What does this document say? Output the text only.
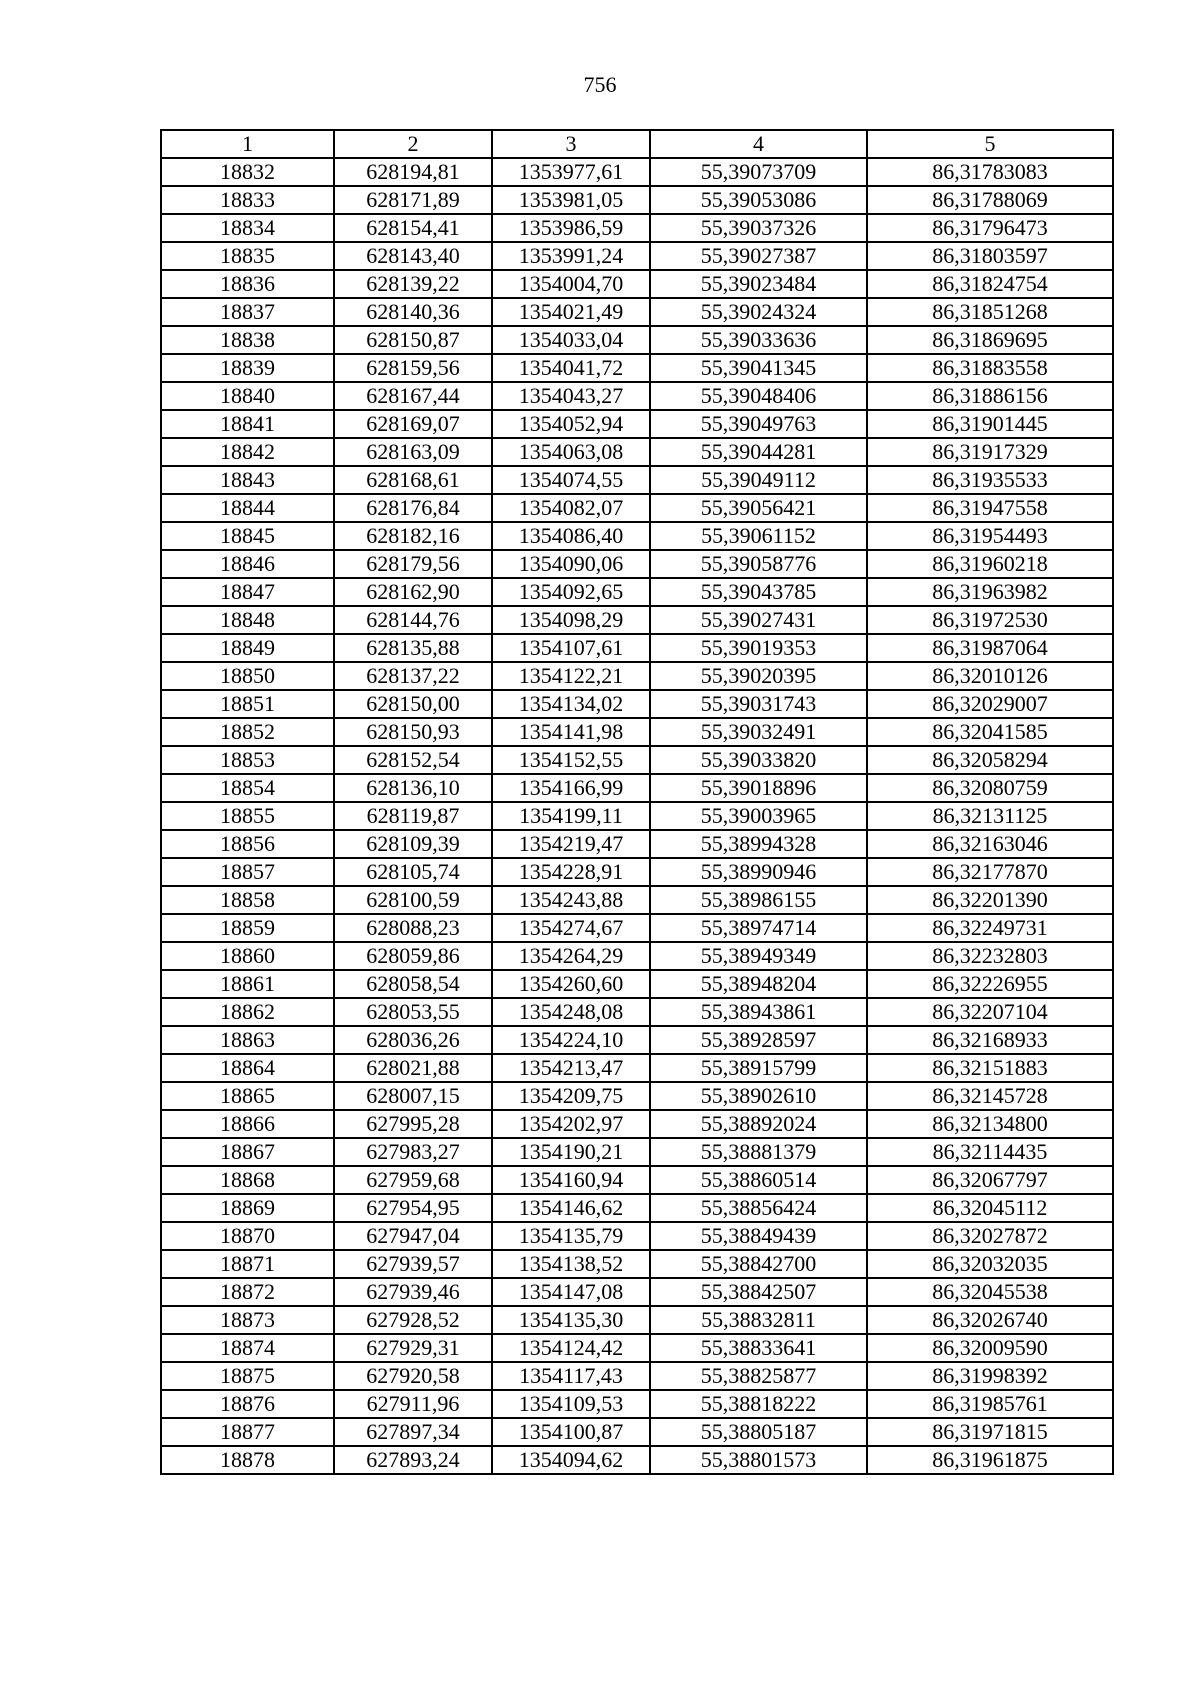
756
1	2	3	4	5
18832	628194,81	1353977,61	55,39073709	86,31783083
18833	628171,89	1353981,05	55,39053086	86,31788069
18834	628154,41	1353986,59	55,39037326	86,31796473
18835	628143,40	1353991,24	55,39027387	86,31803597
18836	628139,22	1354004,70	55,39023484	86,31824754
18837	628140,36	1354021,49	55,39024324	86,31851268
18838	628150,87	1354033,04	55,39033636	86,31869695
18839	628159,56	1354041,72	55,39041345	86,31883558
18840	628167,44	1354043,27	55,39048406	86,31886156
18841	628169,07	1354052,94	55,39049763	86,31901445
18842	628163,09	1354063,08	55,39044281	86,31917329
18843	628168,61	1354074,55	55,39049112	86,31935533
18844	628176,84	1354082,07	55,39056421	86,31947558
18845	628182,16	1354086,40	55,39061152	86,31954493
18846	628179,56	1354090,06	55,39058776	86,31960218
18847	628162,90	1354092,65	55,39043785	86,31963982
18848	628144,76	1354098,29	55,39027431	86,31972530
18849	628135,88	1354107,61	55,39019353	86,31987064
18850	628137,22	1354122,21	55,39020395	86,32010126
18851	628150,00	1354134,02	55,39031743	86,32029007
18852	628150,93	1354141,98	55,39032491	86,32041585
18853	628152,54	1354152,55	55,39033820	86,32058294
18854	628136,10	1354166,99	55,39018896	86,32080759
18855	628119,87	1354199,11	55,39003965	86,32131125
18856	628109,39	1354219,47	55,38994328	86,32163046
18857	628105,74	1354228,91	55,38990946	86,32177870
18858	628100,59	1354243,88	55,38986155	86,32201390
18859	628088,23	1354274,67	55,38974714	86,32249731
18860	628059,86	1354264,29	55,38949349	86,32232803
18861	628058,54	1354260,60	55,38948204	86,32226955
18862	628053,55	1354248,08	55,38943861	86,32207104
18863	628036,26	1354224,10	55,38928597	86,32168933
18864	628021,88	1354213,47	55,38915799	86,32151883
18865	628007,15	1354209,75	55,38902610	86,32145728
18866	627995,28	1354202,97	55,38892024	86,32134800
18867	627983,27	1354190,21	55,38881379	86,32114435
18868	627959,68	1354160,94	55,38860514	86,32067797
18869	627954,95	1354146,62	55,38856424	86,32045112
18870	627947,04	1354135,79	55,38849439	86,32027872
18871	627939,57	1354138,52	55,38842700	86,32032035
18872	627939,46	1354147,08	55,38842507	86,32045538
18873	627928,52	1354135,30	55,38832811	86,32026740
18874	627929,31	1354124,42	55,38833641	86,32009590
18875	627920,58	1354117,43	55,38825877	86,31998392
18876	627911,96	1354109,53	55,38818222	86,31985761
18877	627897,34	1354100,87	55,38805187	86,31971815
18878	627893,24	1354094,62	55,38801573	86,31961875
